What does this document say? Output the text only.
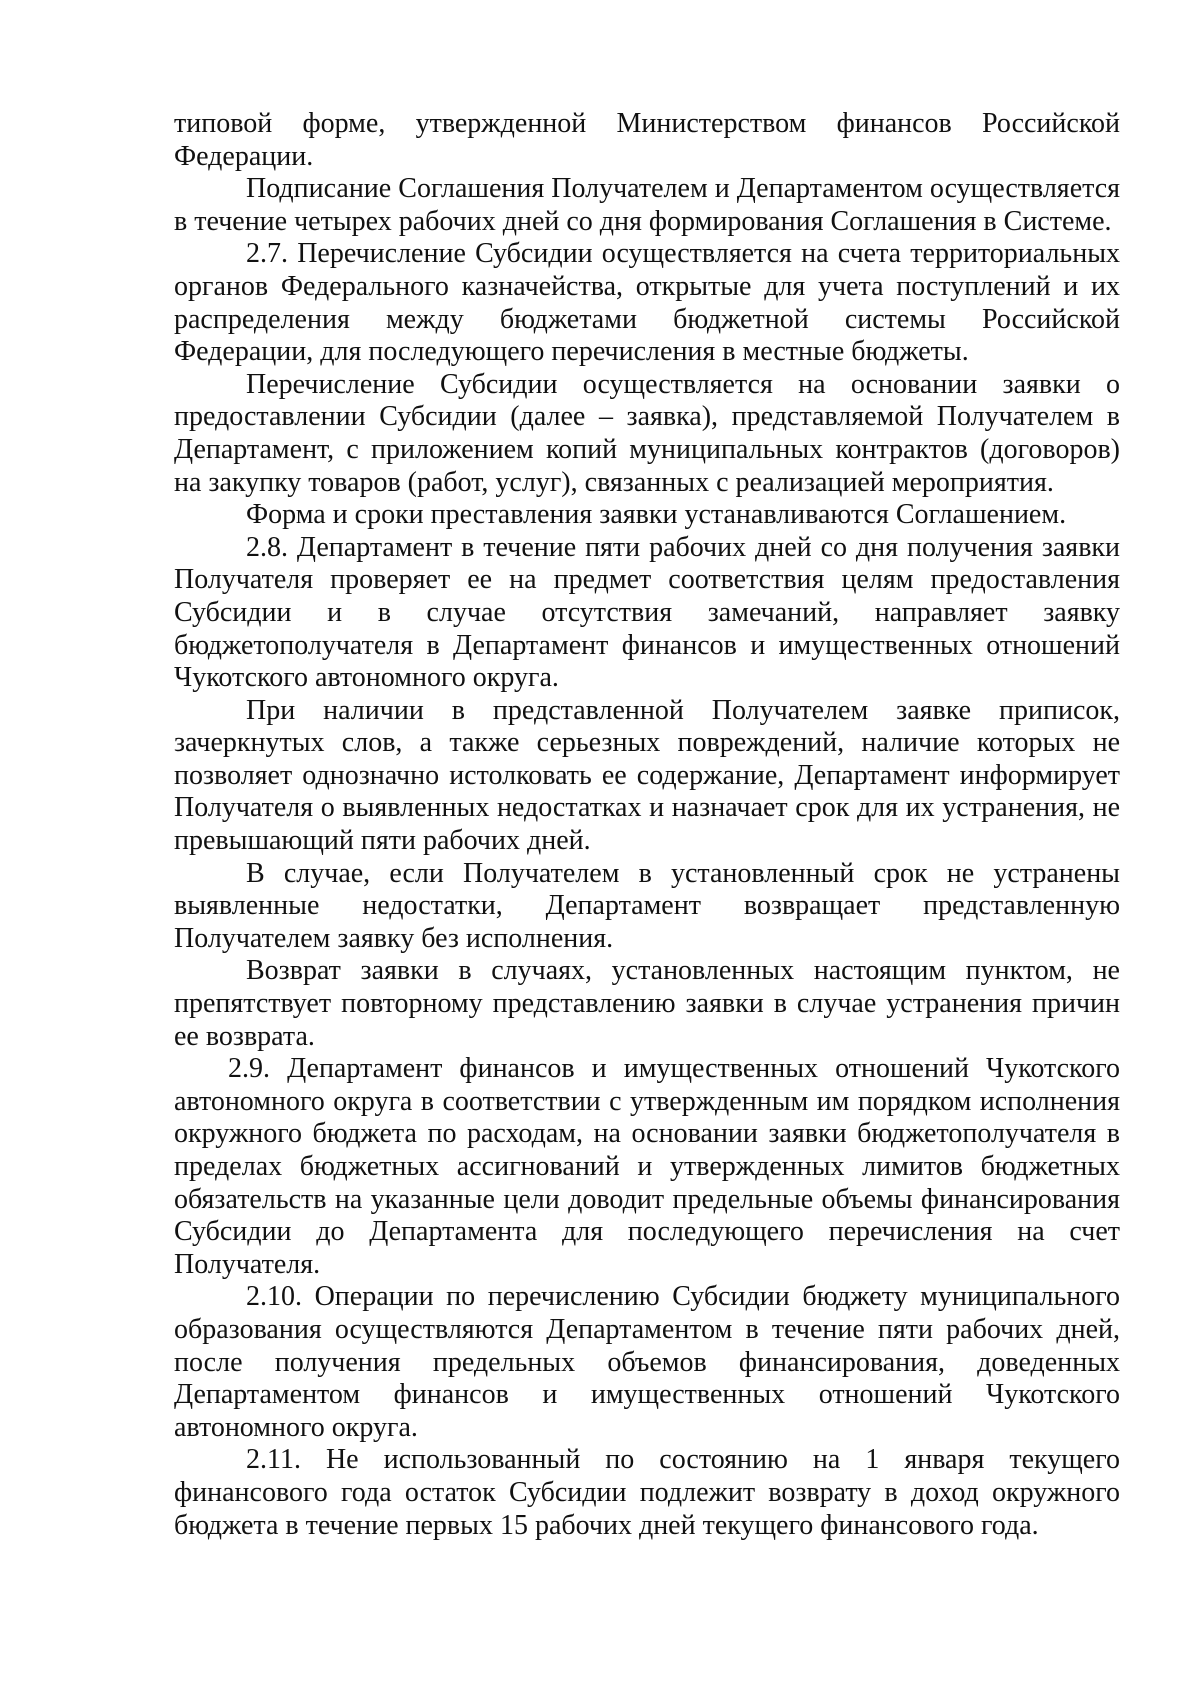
типовой форме, утвержденной Министерством финансов Российской Федерации.

Подписание Соглашения Получателем и Департаментом осуществляется в течение четырех рабочих дней со дня формирования Соглашения в Системе.

2.7. Перечисление Субсидии осуществляется на счета территориальных органов Федерального казначейства, открытые для учета поступлений и их распределения между бюджетами бюджетной системы Российской Федерации, для последующего перечисления в местные бюджеты.

Перечисление Субсидии осуществляется на основании заявки о предоставлении Субсидии (далее – заявка), представляемой Получателем в Департамент, с приложением копий муниципальных контрактов (договоров) на закупку товаров (работ, услуг), связанных с реализацией мероприятия.

Форма и сроки преставления заявки устанавливаются Соглашением.

2.8. Департамент в течение пяти рабочих дней со дня получения заявки Получателя проверяет ее на предмет соответствия целям предоставления Субсидии и в случае отсутствия замечаний, направляет заявку бюджетополучателя в Департамент финансов и имущественных отношений Чукотского автономного округа.

При наличии в представленной Получателем заявке приписок, зачеркнутых слов, а также серьезных повреждений, наличие которых не позволяет однозначно истолковать ее содержание, Департамент информирует Получателя о выявленных недостатках и назначает срок для их устранения, не превышающий пяти рабочих дней.

В случае, если Получателем в установленный срок не устранены выявленные недостатки, Департамент возвращает представленную Получателем заявку без исполнения.

Возврат заявки в случаях, установленных настоящим пунктом, не препятствует повторному представлению заявки в случае устранения причин ее возврата.

2.9. Департамент финансов и имущественных отношений Чукотского автономного округа в соответствии с утвержденным им порядком исполнения окружного бюджета по расходам, на основании заявки бюджетополучателя в пределах бюджетных ассигнований и утвержденных лимитов бюджетных обязательств на указанные цели доводит предельные объемы финансирования Субсидии до Департамента для последующего перечисления на счет Получателя.

2.10. Операции по перечислению Субсидии бюджету муниципального образования осуществляются Департаментом в течение пяти рабочих дней, после получения предельных объемов финансирования, доведенных Департаментом финансов и имущественных отношений Чукотского автономного округа.

2.11. Не использованный по состоянию на 1 января текущего финансового года остаток Субсидии подлежит возврату в доход окружного бюджета в течение первых 15 рабочих дней текущего финансового года.
